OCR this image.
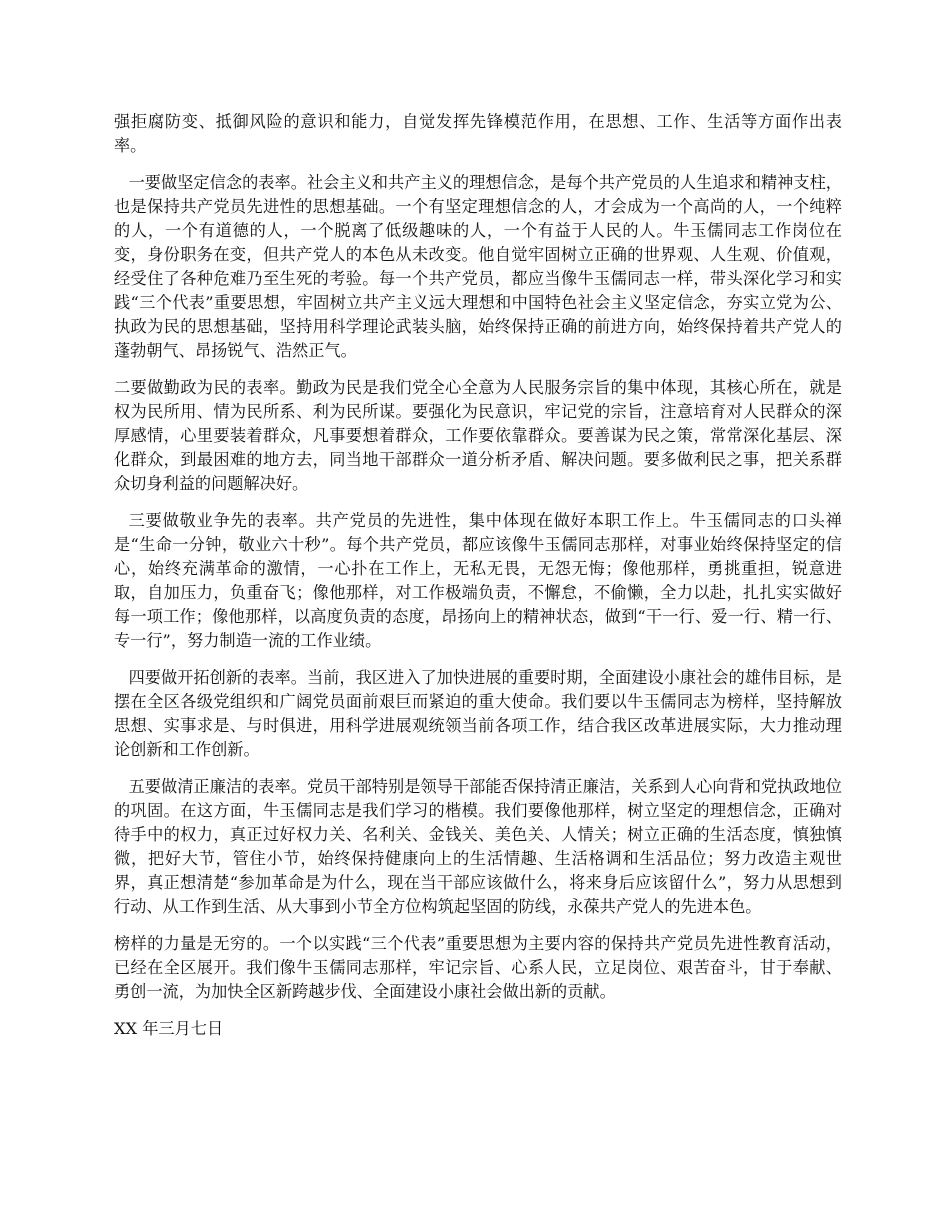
强拒腐防变、抵御风险的意识和能力，自觉发挥先锋模范作用，在思想、工作、生活等方面作出表率。

一要做坚定信念的表率。社会主义和共产主义的理想信念，是每个共产党员的人生追求和精神支柱，也是保持共产党员先进性的思想基础。一个有坚定理想信念的人，才会成为一个高尚的人，一个纯粹的人，一个有道德的人，一个脱离了低级趣味的人，一个有益于人民的人。牛玉儒同志工作岗位在变，身份职务在变，但共产党人的本色从未改变。他自觉牢固树立正确的世界观、人生观、价值观，经受住了各种危难乃至生死的考验。每一个共产党员，都应当像牛玉儒同志一样，带头深化学习和实践“三个代表”重要思想，牢固树立共产主义远大理想和中国特色社会主义坚定信念，夯实立党为公、执政为民的思想基础，坚持用科学理论武装头脑，始终保持正确的前进方向，始终保持着共产党人的蓬勃朝气、昂扬锐气、浩然正气。

二要做勤政为民的表率。勤政为民是我们党全心全意为人民服务宗旨的集中体现，其核心所在，就是权为民所用、情为民所系、利为民所谋。要强化为民意识，牢记党的宗旨，注意培育对人民群众的深厚感情，心里要装着群众，凡事要想着群众，工作要依靠群众。要善谋为民之策，常常深化基层、深化群众，到最困难的地方去，同当地干部群众一道分析矛盾、解决问题。要多做利民之事，把关系群众切身利益的问题解决好。

三要做敬业争先的表率。共产党员的先进性，集中体现在做好本职工作上。牛玉儒同志的口头禅是“生命一分钟，敬业六十秒”。每个共产党员，都应该像牛玉儒同志那样，对事业始终保持坚定的信心，始终充满革命的激情，一心扑在工作上，无私无畏，无怨无悔；像他那样，勇挑重担，锐意进取，自加压力，负重奋飞；像他那样，对工作极端负责，不懈怠，不偷懒，全力以赴，扎扎实实做好每一项工作；像他那样，以高度负责的态度，昂扬向上的精神状态，做到“干一行、爱一行、精一行、专一行”，努力制造一流的工作业绩。

四要做开拓创新的表率。当前，我区进入了加快进展的重要时期，全面建设小康社会的雄伟目标，是摆在全区各级党组织和广阔党员面前艰巨而紧迫的重大使命。我们要以牛玉儒同志为榜样，坚持解放思想、实事求是、与时俱进，用科学进展观统领当前各项工作，结合我区改革进展实际，大力推动理论创新和工作创新。

五要做清正廉洁的表率。党员干部特别是领导干部能否保持清正廉洁，关系到人心向背和党执政地位的巩固。在这方面，牛玉儒同志是我们学习的楷模。我们要像他那样，树立坚定的理想信念，正确对待手中的权力，真正过好权力关、名利关、金钱关、美色关、人情关；树立正确的生活态度，慎独慎微，把好大节，管住小节，始终保持健康向上的生活情趣、生活格调和生活品位；努力改造主观世界，真正想清楚“参加革命是为什么，现在当干部应该做什么，将来身后应该留什么”，努力从思想到行动、从工作到生活、从大事到小节全方位构筑起坚固的防线，永葆共产党人的先进本色。

榜样的力量是无穷的。一个以实践“三个代表”重要思想为主要内容的保持共产党员先进性教育活动，已经在全区展开。我们像牛玉儒同志那样，牢记宗旨、心系人民，立足岗位、艰苦奋斗，甘于奉献、勇创一流，为加快全区新跨越步伐、全面建设小康社会做出新的贡献。

XX 年三月七日
